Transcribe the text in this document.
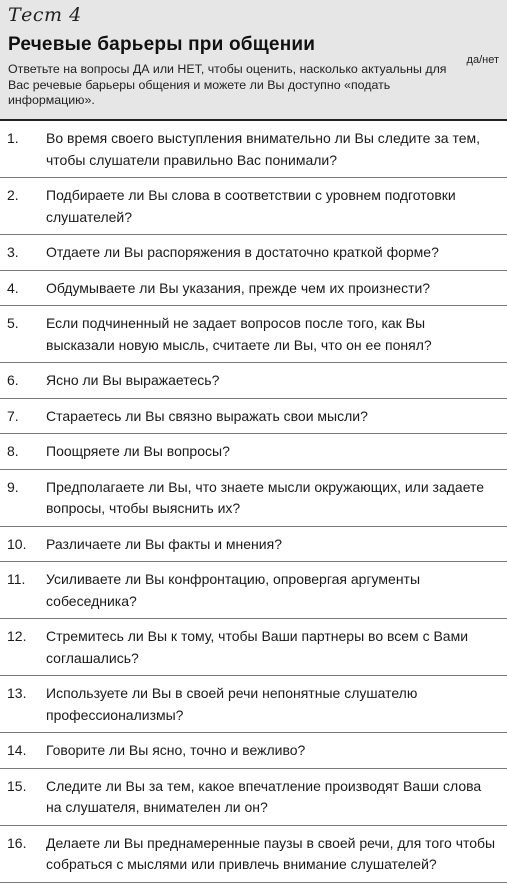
Тест 4
Речевые барьеры при общении
да/нет
Ответьте на вопросы ДА или НЕТ, чтобы оценить, насколько актуальны для Вас речевые барьеры общения и можете ли Вы доступно «подать информацию».
1. Во время своего выступления внимательно ли Вы следите за тем, чтобы слушатели правильно Вас понимали?
2. Подбираете ли Вы слова в соответствии с уровнем подготовки слушателей?
3. Отдаете ли Вы распоряжения в достаточно краткой форме?
4. Обдумываете ли Вы указания, прежде чем их произнести?
5. Если подчиненный не задает вопросов после того, как Вы высказали новую мысль, считаете ли Вы, что он ее понял?
6. Ясно ли Вы выражаетесь?
7. Стараетесь ли Вы связно выражать свои мысли?
8. Поощряете ли Вы вопросы?
9. Предполагаете ли Вы, что знаете мысли окружающих, или задаете вопросы, чтобы выяснить их?
10. Различаете ли Вы факты и мнения?
11. Усиливаете ли Вы конфронтацию, опровергая аргументы собеседника?
12. Стремитесь ли Вы к тому, чтобы Ваши партнеры во всем с Вами соглашались?
13. Используете ли Вы в своей речи непонятные слушателю профессионализмы?
14. Говорите ли Вы ясно, точно и вежливо?
15. Следите ли Вы за тем, какое впечатление производят Ваши слова на слушателя, внимателен ли он?
16. Делаете ли Вы преднамеренные паузы в своей речи, для того чтобы собраться с мыслями или привлечь внимание слушателей?
